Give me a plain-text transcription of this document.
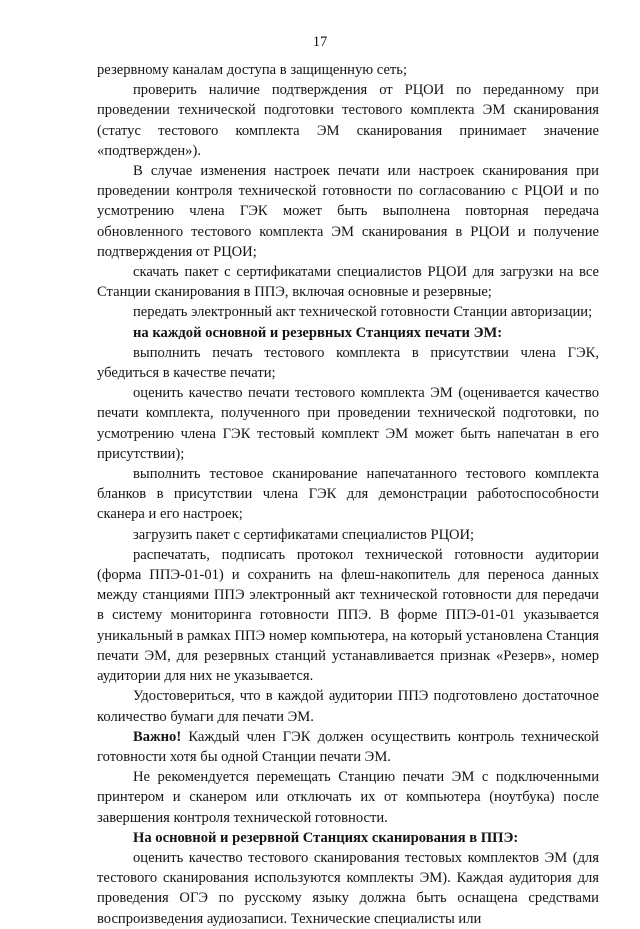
17

резервному каналам доступа в защищенную сеть;

проверить наличие подтверждения от РЦОИ по переданному при проведении технической подготовки тестового комплекта ЭМ сканирования (статус тестового комплекта ЭМ сканирования принимает значение «подтвержден»).

В случае изменения настроек печати или настроек сканирования при проведении контроля технической готовности по согласованию с РЦОИ и по усмотрению члена ГЭК может быть выполнена повторная передача обновленного тестового комплекта ЭМ сканирования в РЦОИ и получение подтверждения от РЦОИ;

скачать пакет с сертификатами специалистов РЦОИ для загрузки на все Станции сканирования в ППЭ, включая основные и резервные;

передать электронный акт технической готовности Станции авторизации;

на каждой основной и резервных Станциях печати ЭМ:

выполнить печать тестового комплекта в присутствии члена ГЭК, убедиться в качестве печати;

оценить качество печати тестового комплекта ЭМ (оценивается качество печати комплекта, полученного при проведении технической подготовки, по усмотрению члена ГЭК тестовый комплект ЭМ может быть напечатан в его присутствии);

выполнить тестовое сканирование напечатанного тестового комплекта бланков в присутствии члена ГЭК для демонстрации работоспособности сканера и его настроек;

загрузить пакет с сертификатами специалистов РЦОИ;

распечатать, подписать протокол технической готовности аудитории (форма ППЭ-01-01) и сохранить на флеш-накопитель для переноса данных между станциями ППЭ электронный акт технической готовности для передачи в систему мониторинга готовности ППЭ. В форме ППЭ-01-01 указывается уникальный в рамках ППЭ номер компьютера, на который установлена Станция печати ЭМ, для резервных станций устанавливается признак «Резерв», номер аудитории для них не указывается.

Удостовериться, что в каждой аудитории ППЭ подготовлено достаточное количество бумаги для печати ЭМ.

Важно! Каждый член ГЭК должен осуществить контроль технической готовности хотя бы одной Станции печати ЭМ.

Не рекомендуется перемещать Станцию печати ЭМ с подключенными принтером и сканером или отключать их от компьютера (ноутбука) после завершения контроля технической готовности.

На основной и резервной Станциях сканирования в ППЭ:

оценить качество тестового сканирования тестовых комплектов ЭМ (для тестового сканирования используются комплекты ЭМ). Каждая аудитория для проведения ОГЭ по русскому языку должна быть оснащена средствами воспроизведения аудиозаписи. Технические специалисты или
